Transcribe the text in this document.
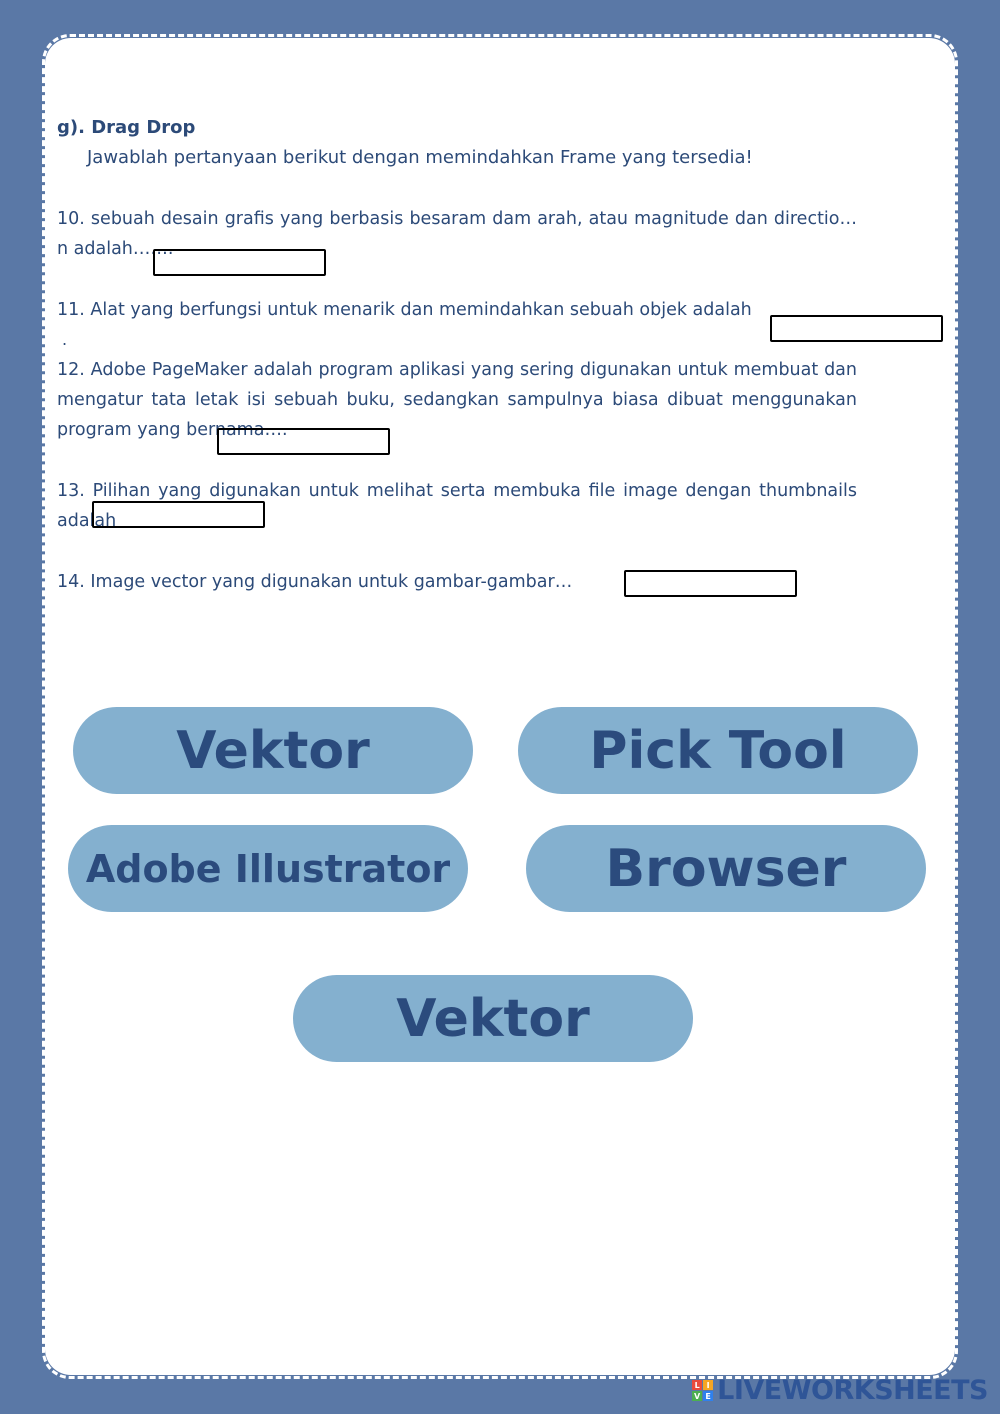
g). Drag Drop
Jawablah pertanyaan berikut dengan memindahkan Frame yang tersedia!
10. sebuah desain grafis yang berbasis besaram dam arah, atau magnitude dan directio…n adalah…….
11. Alat yang berfungsi untuk menarik dan memindahkan sebuah objek adalah
.
12. Adobe PageMaker adalah program aplikasi yang sering digunakan untuk membuat dan mengatur tata letak isi sebuah buku, sedangkan sampulnya biasa dibuat menggunakan program yang bernama….
13. Pilihan yang digunakan untuk melihat serta membuka file image dengan thumbnails adalah
14. Image vector yang digunakan untuk gambar-gambar…
Vektor	Pick Tool
Adobe Illustrator	Browser
Vektor
L I
V E LIVEWORKSHEETS
